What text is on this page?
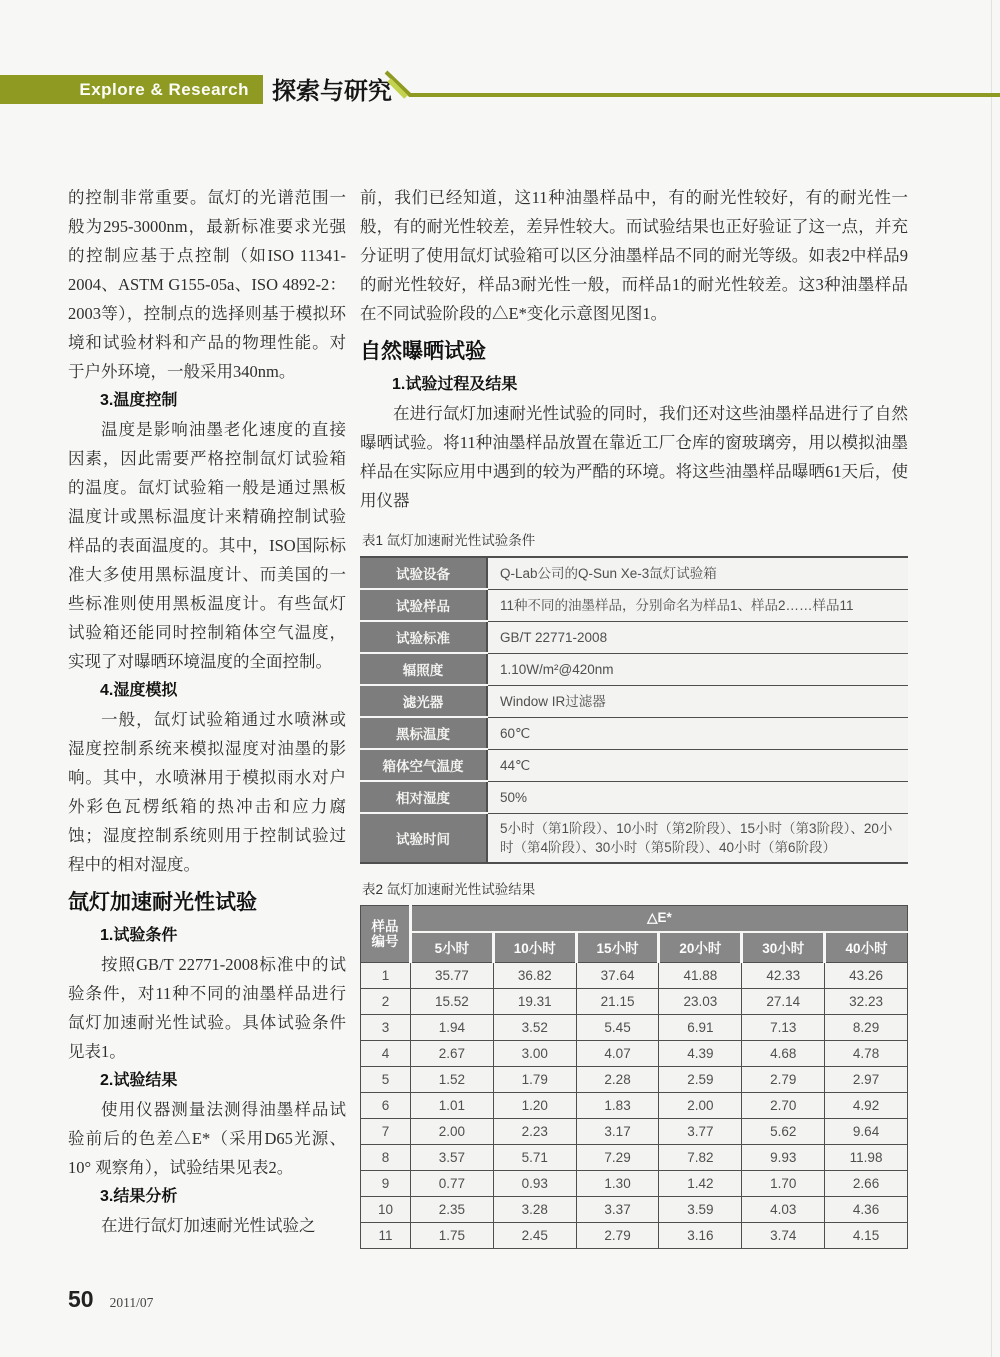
Explore & Research 探索与研究

的控制非常重要。氙灯的光谱范围一般为295-3000nm，最新标准要求光强的控制应基于点控制（如ISO 11341-2004、ASTM G155-05a、ISO 4892-2：2003等），控制点的选择则基于模拟环境和试验材料和产品的物理性能。对于户外环境，一般采用340nm。

3.温度控制

温度是影响油墨老化速度的直接因素，因此需要严格控制氙灯试验箱的温度。氙灯试验箱一般是通过黑板温度计或黑标温度计来精确控制试验样品的表面温度的。其中，ISO国际标准大多使用黑标温度计、而美国的一些标准则使用黑板温度计。有些氙灯试验箱还能同时控制箱体空气温度，实现了对曝晒环境温度的全面控制。

4.湿度模拟

一般，氙灯试验箱通过水喷淋或湿度控制系统来模拟湿度对油墨的影响。其中，水喷淋用于模拟雨水对户外彩色瓦楞纸箱的热冲击和应力腐蚀；湿度控制系统则用于控制试验过程中的相对湿度。

氙灯加速耐光性试验
1.试验条件

按照GB/T 22771-2008标准中的试验条件，对11种不同的油墨样品进行氙灯加速耐光性试验。具体试验条件见表1。

2.试验结果

使用仪器测量法测得油墨样品试验前后的色差△E*（采用D65光源、10° 观察角），试验结果见表2。

3.结果分析

在进行氙灯加速耐光性试验之

前，我们已经知道，这11种油墨样品中，有的耐光性较好，有的耐光性一般，有的耐光性较差，差异性较大。而试验结果也正好验证了这一点，并充分证明了使用氙灯试验箱可以区分油墨样品不同的耐光等级。如表2中样品9的耐光性较好，样品3耐光性一般，而样品1的耐光性较差。这3种油墨样品在不同试验阶段的△E*变化示意图见图1。

自然曝晒试验
1.试验过程及结果

在进行氙灯加速耐光性试验的同时，我们还对这些油墨样品进行了自然曝晒试验。将11种油墨样品放置在靠近工厂仓库的窗玻璃旁，用以模拟油墨样品在实际应用中遇到的较为严酷的环境。将这些油墨样品曝晒61天后，使用仪器

表1 氙灯加速耐光性试验条件
试验设备	Q-Lab公司的Q-Sun Xe-3氙灯试验箱
试验样品	11种不同的油墨样品，分别命名为样品1、样品2……样品11
试验标准	GB/T 22771-2008
辐照度	1.10W/m²@420nm
滤光器	Window IR过滤器
黑标温度	60℃
箱体空气温度	44℃
相对湿度	50%
试验时间	5小时（第1阶段）、10小时（第2阶段）、15小时（第3阶段）、20小时（第4阶段）、30小时（第5阶段）、40小时（第6阶段）
表2 氙灯加速耐光性试验结果
样品编号	△E*					
	5小时	10小时	15小时	20小时	30小时	40小时
1	35.77	36.82	37.64	41.88	42.33	43.26
2	15.52	19.31	21.15	23.03	27.14	32.23
3	1.94	3.52	5.45	6.91	7.13	8.29
4	2.67	3.00	4.07	4.39	4.68	4.78
5	1.52	1.79	2.28	2.59	2.79	2.97
6	1.01	1.20	1.83	2.00	2.70	4.92
7	2.00	2.23	3.17	3.77	5.62	9.64
8	3.57	5.71	7.29	7.82	9.93	11.98
9	0.77	0.93	1.30	1.42	1.70	2.66
10	2.35	3.28	3.37	3.59	4.03	4.36
11	1.75	2.45	2.79	3.16	3.74	4.15
50 2011/07
